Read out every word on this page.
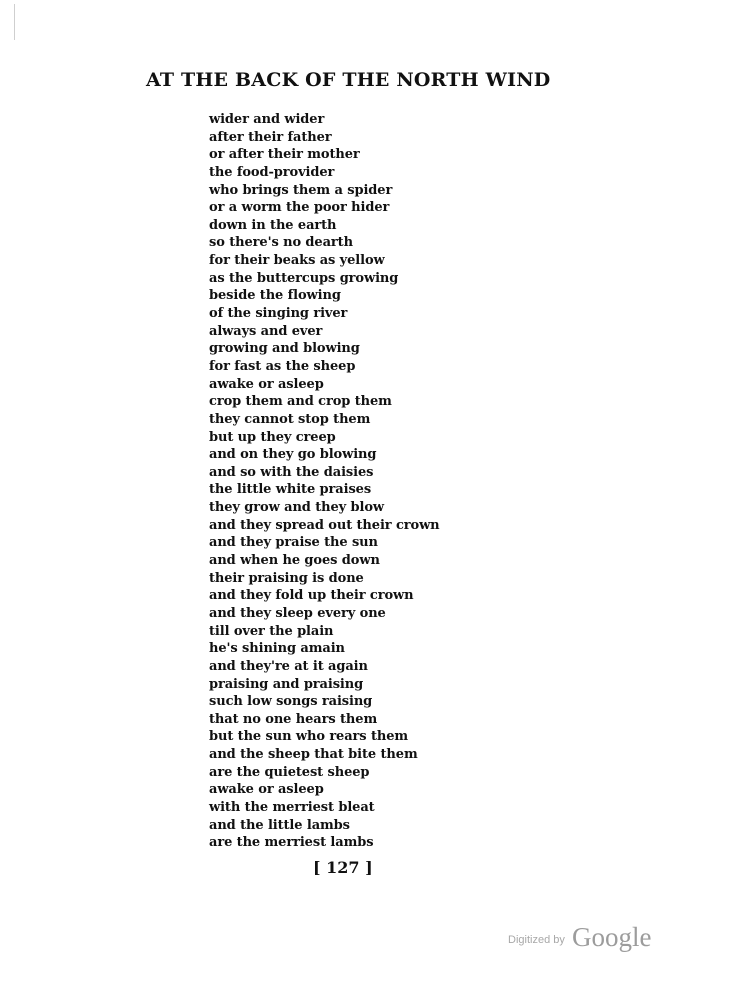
AT THE BACK OF THE NORTH WIND
wider and wider
after their father
or after their mother
the food-provider
who brings them a spider
or a worm the poor hider
down in the earth
so there's no dearth
for their beaks as yellow
as the buttercups growing
beside the flowing
of the singing river
always and ever
growing and blowing
for fast as the sheep
awake or asleep
crop them and crop them
they cannot stop them
but up they creep
and on they go blowing
and so with the daisies
the little white praises
they grow and they blow
and they spread out their crown
and they praise the sun
and when he goes down
their praising is done
and they fold up their crown
and they sleep every one
till over the plain
he's shining amain
and they're at it again
praising and praising
such low songs raising
that no one hears them
but the sun who rears them
and the sheep that bite them
are the quietest sheep
awake or asleep
with the merriest bleat
and the little lambs
are the merriest lambs
[ 127 ]
Digitized by Google
